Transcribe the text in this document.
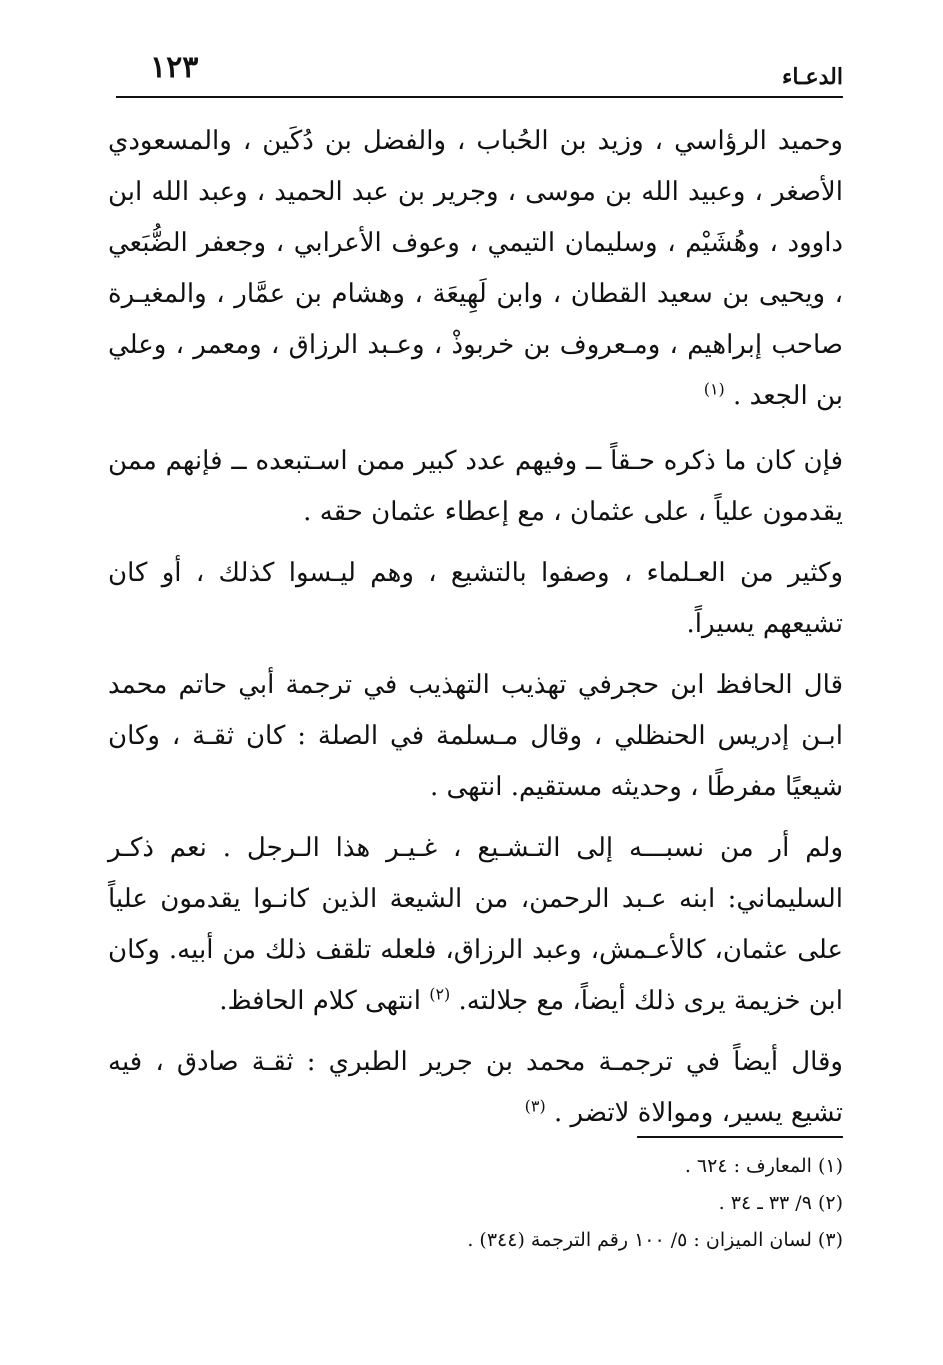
الدعـاء
١٢٣

وحميد الرؤاسي ، وزيد بن الحُباب ، والفضل بن دُكَين ، والمسعودي الأصغر ، وعبيد الله بن موسى ، وجرير بن عبد الحميد ، وعبد الله ابن داوود ، وهُشَيْم ، وسليمان التيمي ، وعوف الأعرابي ، وجعفر الضُّبَعي ، ويحيى بن سعيد القطان ، وابن لَهِيعَة ، وهشام بن عمَّار ، والمغيـرة صاحب إبراهيم ، ومـعروف بن خربوذْ ، وعـبد الرزاق ، ومعمر ، وعلي بن الجعد . $^{(١)}$

فإن كان ما ذكره حـقاً ــ وفيهم عدد كبير ممن اسـتبعده ــ فإنهم ممن يقدمون علياً ، على عثمان ، مع إعطاء عثمان حقه .

وكثير من العـلماء ، وصفوا بالتشيع ، وهم ليـسوا كذلك ، أو كان تشيعهم يسيراً.

قال الحافظ ابن حجرفي تهذيب التهذيب في ترجمة أبي حاتم محمد ابـن إدريس الحنظلي ، وقال مـسلمة في الصلة : كان ثقـة ، وكان شيعيًا مفرطًا ، وحديثه مستقيم. انتهى .

ولم أر من نسبـــه إلى التـشـيع ، غـيـر هذا الـرجل . نعم ذكـر السليماني: ابنه عـبد الرحمن، من الشيعة الذين كانـوا يقدمون علياً على عثمان، كالأعـمش، وعبد الرزاق، فلعله تلقف ذلك من أبيه. وكان ابن خزيمة يرى ذلك أيضاً، مع جلالته. $^{(٢)}$ انتهى كلام الحافظ.

وقال أيضاً في ترجمـة محمد بن جرير الطبري : ثقـة صادق ، فيه تشيع يسير، وموالاة لاتضر . $^{(٣)}$

(١) المعارف : ٦٢٤ .
(٢) ٩/ ٣٣ ـ ٣٤ .
(٣) لسان الميزان : ٥/ ١٠٠ رقم الترجمة (٣٤٤) .
